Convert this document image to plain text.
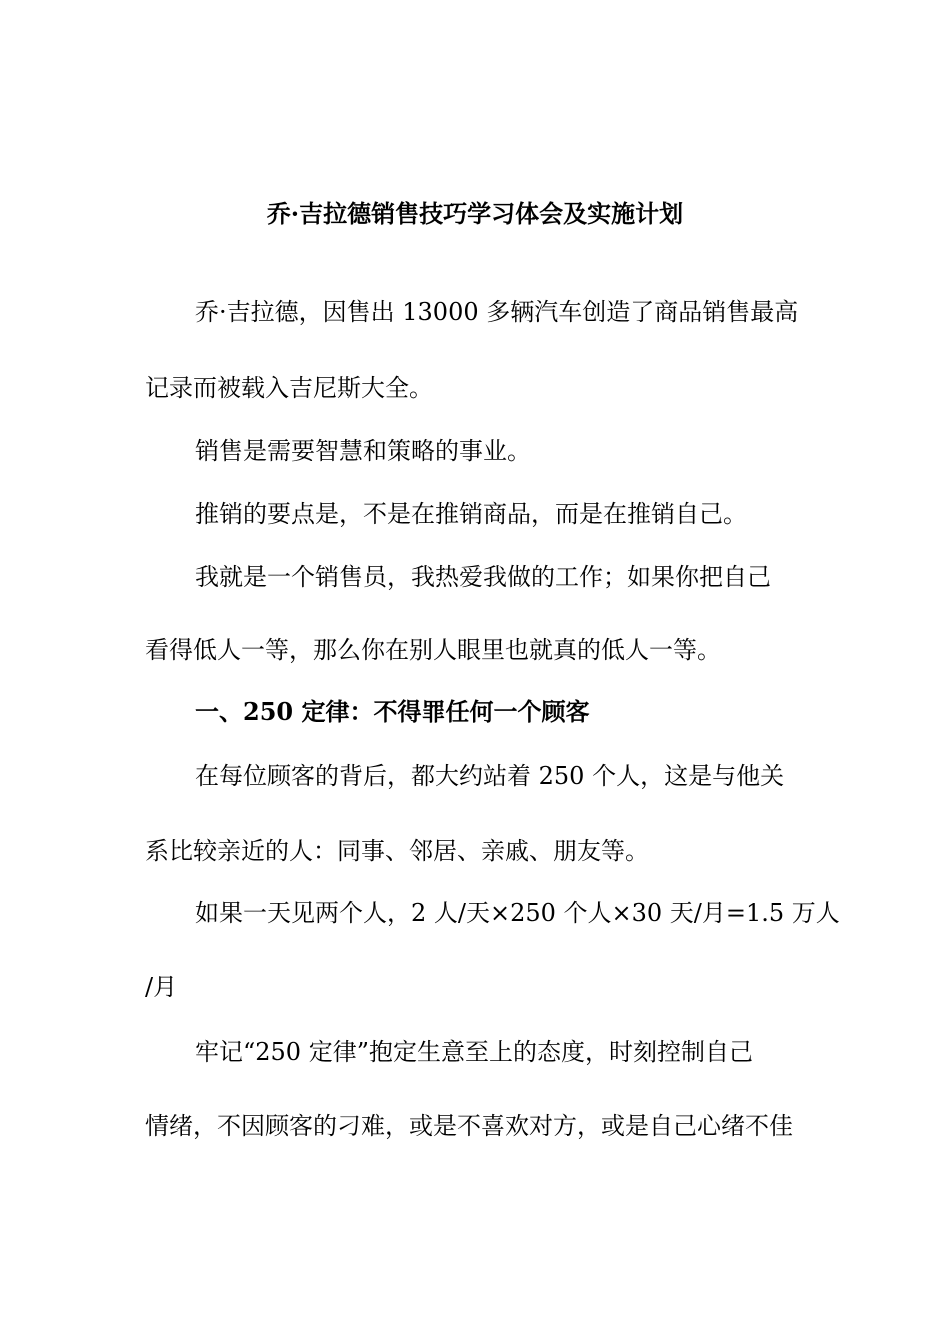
乔·吉拉德销售技巧学习体会及实施计划
乔·吉拉德，因售出 13000 多辆汽车创造了商品销售最高
记录而被载入吉尼斯大全。
销售是需要智慧和策略的事业。
推销的要点是，不是在推销商品，而是在推销自己。
我就是一个销售员，我热爱我做的工作；如果你把自己
看得低人一等，那么你在别人眼里也就真的低人一等。
一、250 定律：不得罪任何一个顾客
在每位顾客的背后，都大约站着 250 个人，这是与他关
系比较亲近的人：同事、邻居、亲戚、朋友等。
如果一天见两个人，2 人/天×250 个人×30 天/月=1.5 万人
/月
牢记“250 定律”抱定生意至上的态度，时刻控制自己
情绪，不因顾客的刁难，或是不喜欢对方，或是自己心绪不佳
